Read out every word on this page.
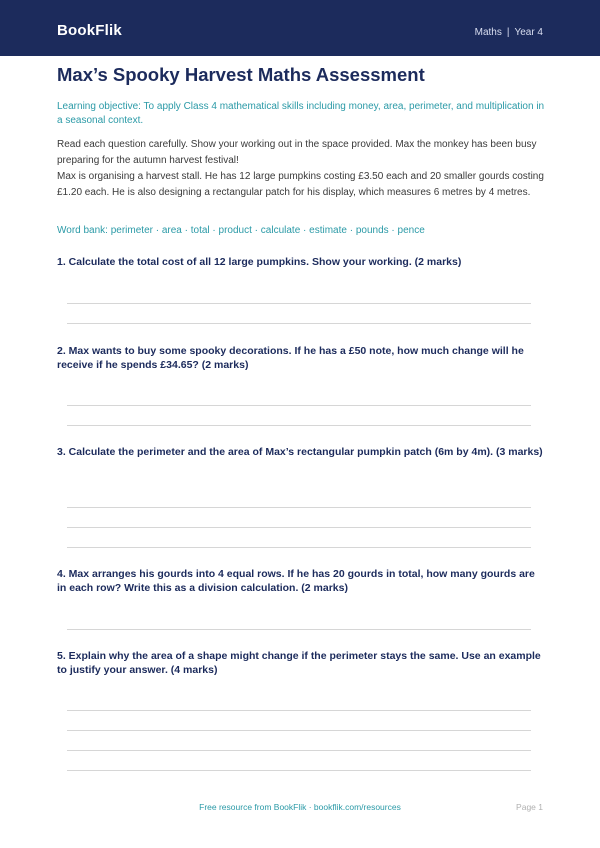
BookFlik	Maths | Year 4
Max’s Spooky Harvest Maths Assessment

Learning objective: To apply Class 4 mathematical skills including money, area, perimeter, and multiplication in a seasonal context.

Read each question carefully. Show your working out in the space provided. Max the monkey has been busy preparing for the autumn harvest festival!

Max is organising a harvest stall. He has 12 large pumpkins costing £3.50 each and 20 smaller gourds costing £1.20 each. He is also designing a rectangular patch for his display, which measures 6 metres by 4 metres.

Word bank: perimeter · area · total · product · calculate · estimate · pounds · pence

1. Calculate the total cost of all 12 large pumpkins. Show your working. (2 marks)

2. Max wants to buy some spooky decorations. If he has a £50 note, how much change will he receive if he spends £34.65? (2 marks)

3. Calculate the perimeter and the area of Max’s rectangular pumpkin patch (6m by 4m). (3 marks)

4. Max arranges his gourds into 4 equal rows. If he has 20 gourds in total, how many gourds are in each row? Write this as a division calculation. (2 marks)

5. Explain why the area of a shape might change if the perimeter stays the same. Use an example to justify your answer. (4 marks)

Free resource from BookFlik · bookflik.com/resources	Page 1
